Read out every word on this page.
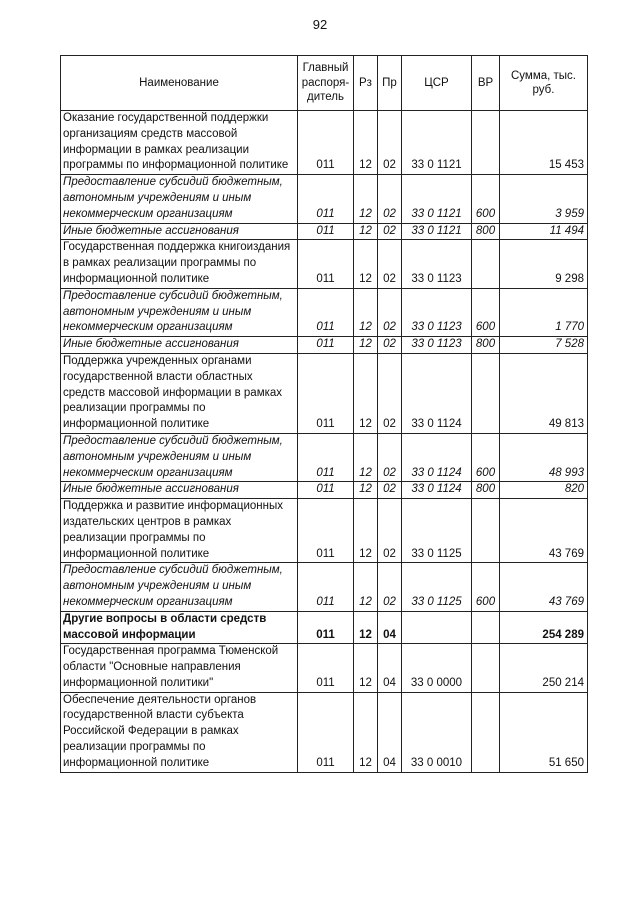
92
Наименование	Главный распоря-дитель	Рз	Пр	ЦСР	ВР	Сумма, тыс. руб.
Оказание государственной поддержки организациям средств массовой информации в рамках реализации программы по информационной политике	011	12	02	33 0 1121		15 453
Предоставление субсидий бюджетным, автономным учреждениям и иным некоммерческим организациям	011	12	02	33 0 1121	600	3 959
Иные бюджетные ассигнования	011	12	02	33 0 1121	800	11 494
Государственная поддержка книгоиздания в рамках реализации программы по информационной политике	011	12	02	33 0 1123		9 298
Предоставление субсидий бюджетным, автономным учреждениям и иным некоммерческим организациям	011	12	02	33 0 1123	600	1 770
Иные бюджетные ассигнования	011	12	02	33 0 1123	800	7 528
Поддержка учрежденных органами государственной власти областных средств массовой информации в рамках реализации программы по информационной политике	011	12	02	33 0 1124		49 813
Предоставление субсидий бюджетным, автономным учреждениям и иным некоммерческим организациям	011	12	02	33 0 1124	600	48 993
Иные бюджетные ассигнования	011	12	02	33 0 1124	800	820
Поддержка и развитие информационных издательских центров в рамках реализации программы по информационной политике	011	12	02	33 0 1125		43 769
Предоставление субсидий бюджетным, автономным учреждениям и иным некоммерческим организациям	011	12	02	33 0 1125	600	43 769
Другие вопросы в области средств массовой информации	011	12	04			254 289
Государственная программа Тюменской области "Основные направления информационной политики"	011	12	04	33 0 0000		250 214
Обеспечение деятельности органов государственной власти субъекта Российской Федерации в рамках реализации программы по информационной политике	011	12	04	33 0 0010		51 650
